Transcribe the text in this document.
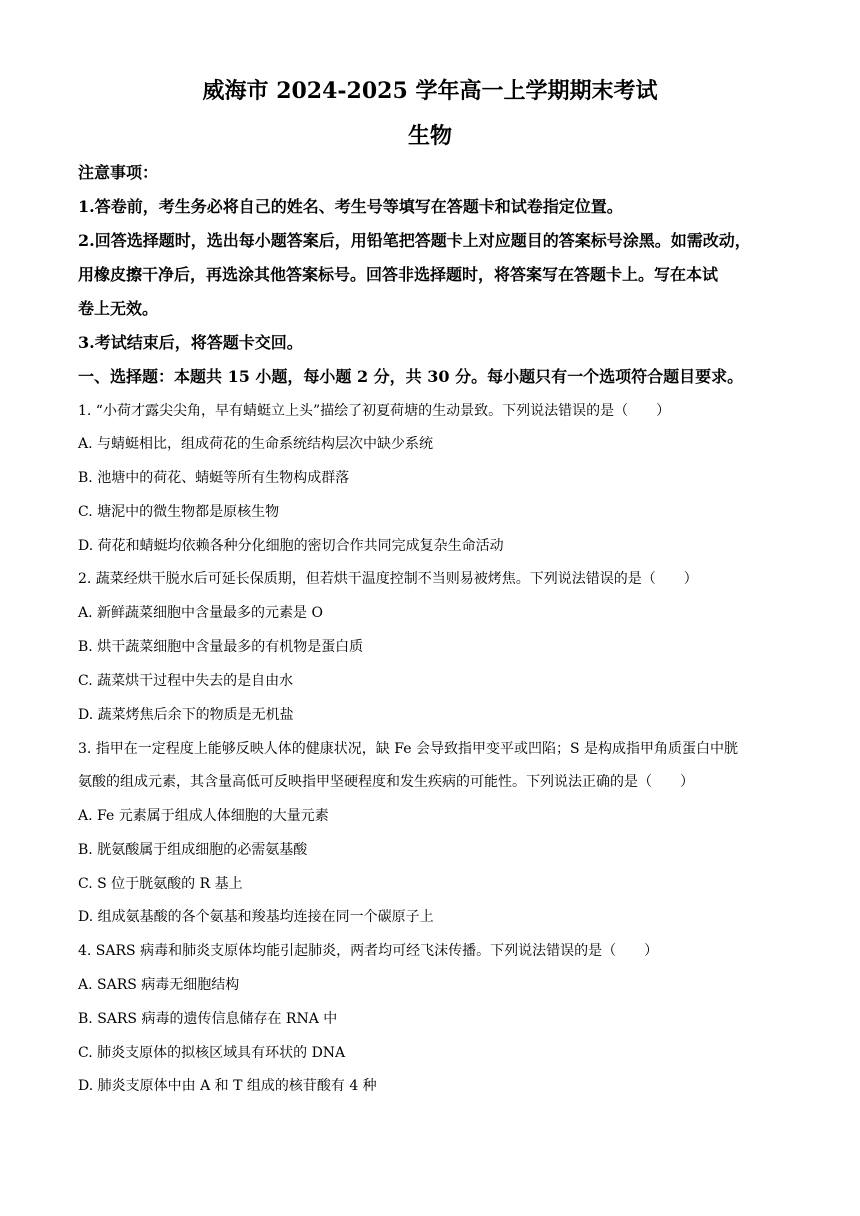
威海市 2024-2025 学年高一上学期期末考试
生物
注意事项：
1.答卷前，考生务必将自己的姓名、考生号等填写在答题卡和试卷指定位置。
2.回答选择题时，选出每小题答案后，用铅笔把答题卡上对应题目的答案标号涂黑。如需改动，
用橡皮擦干净后，再选涂其他答案标号。回答非选择题时，将答案写在答题卡上。写在本试
卷上无效。
3.考试结束后，将答题卡交回。
一、选择题：本题共 15 小题，每小题 2 分，共 30 分。每小题只有一个选项符合题目要求。
1. “小荷才露尖尖角，早有蜻蜓立上头”描绘了初夏荷塘的生动景致。下列说法错误的是（　　）
A. 与蜻蜓相比，组成荷花的生命系统结构层次中缺少系统
B. 池塘中的荷花、蜻蜓等所有生物构成群落
C. 塘泥中的微生物都是原核生物
D. 荷花和蜻蜓均依赖各种分化细胞的密切合作共同完成复杂生命活动
2. 蔬菜经烘干脱水后可延长保质期，但若烘干温度控制不当则易被烤焦。下列说法错误的是（　　）
A. 新鲜蔬菜细胞中含量最多的元素是 O
B. 烘干蔬菜细胞中含量最多的有机物是蛋白质
C. 蔬菜烘干过程中失去的是自由水
D. 蔬菜烤焦后余下的物质是无机盐
3. 指甲在一定程度上能够反映人体的健康状况，缺 Fe 会导致指甲变平或凹陷；S 是构成指甲角质蛋白中胱
氨酸的组成元素，其含量高低可反映指甲坚硬程度和发生疾病的可能性。下列说法正确的是（　　）
A. Fe 元素属于组成人体细胞的大量元素
B. 胱氨酸属于组成细胞的必需氨基酸
C. S 位于胱氨酸的 R 基上
D. 组成氨基酸的各个氨基和羧基均连接在同一个碳原子上
4. SARS 病毒和肺炎支原体均能引起肺炎，两者均可经飞沫传播。下列说法错误的是（　　）
A. SARS 病毒无细胞结构
B. SARS 病毒的遗传信息储存在 RNA 中
C. 肺炎支原体的拟核区域具有环状的 DNA
D. 肺炎支原体中由 A 和 T 组成的核苷酸有 4 种
